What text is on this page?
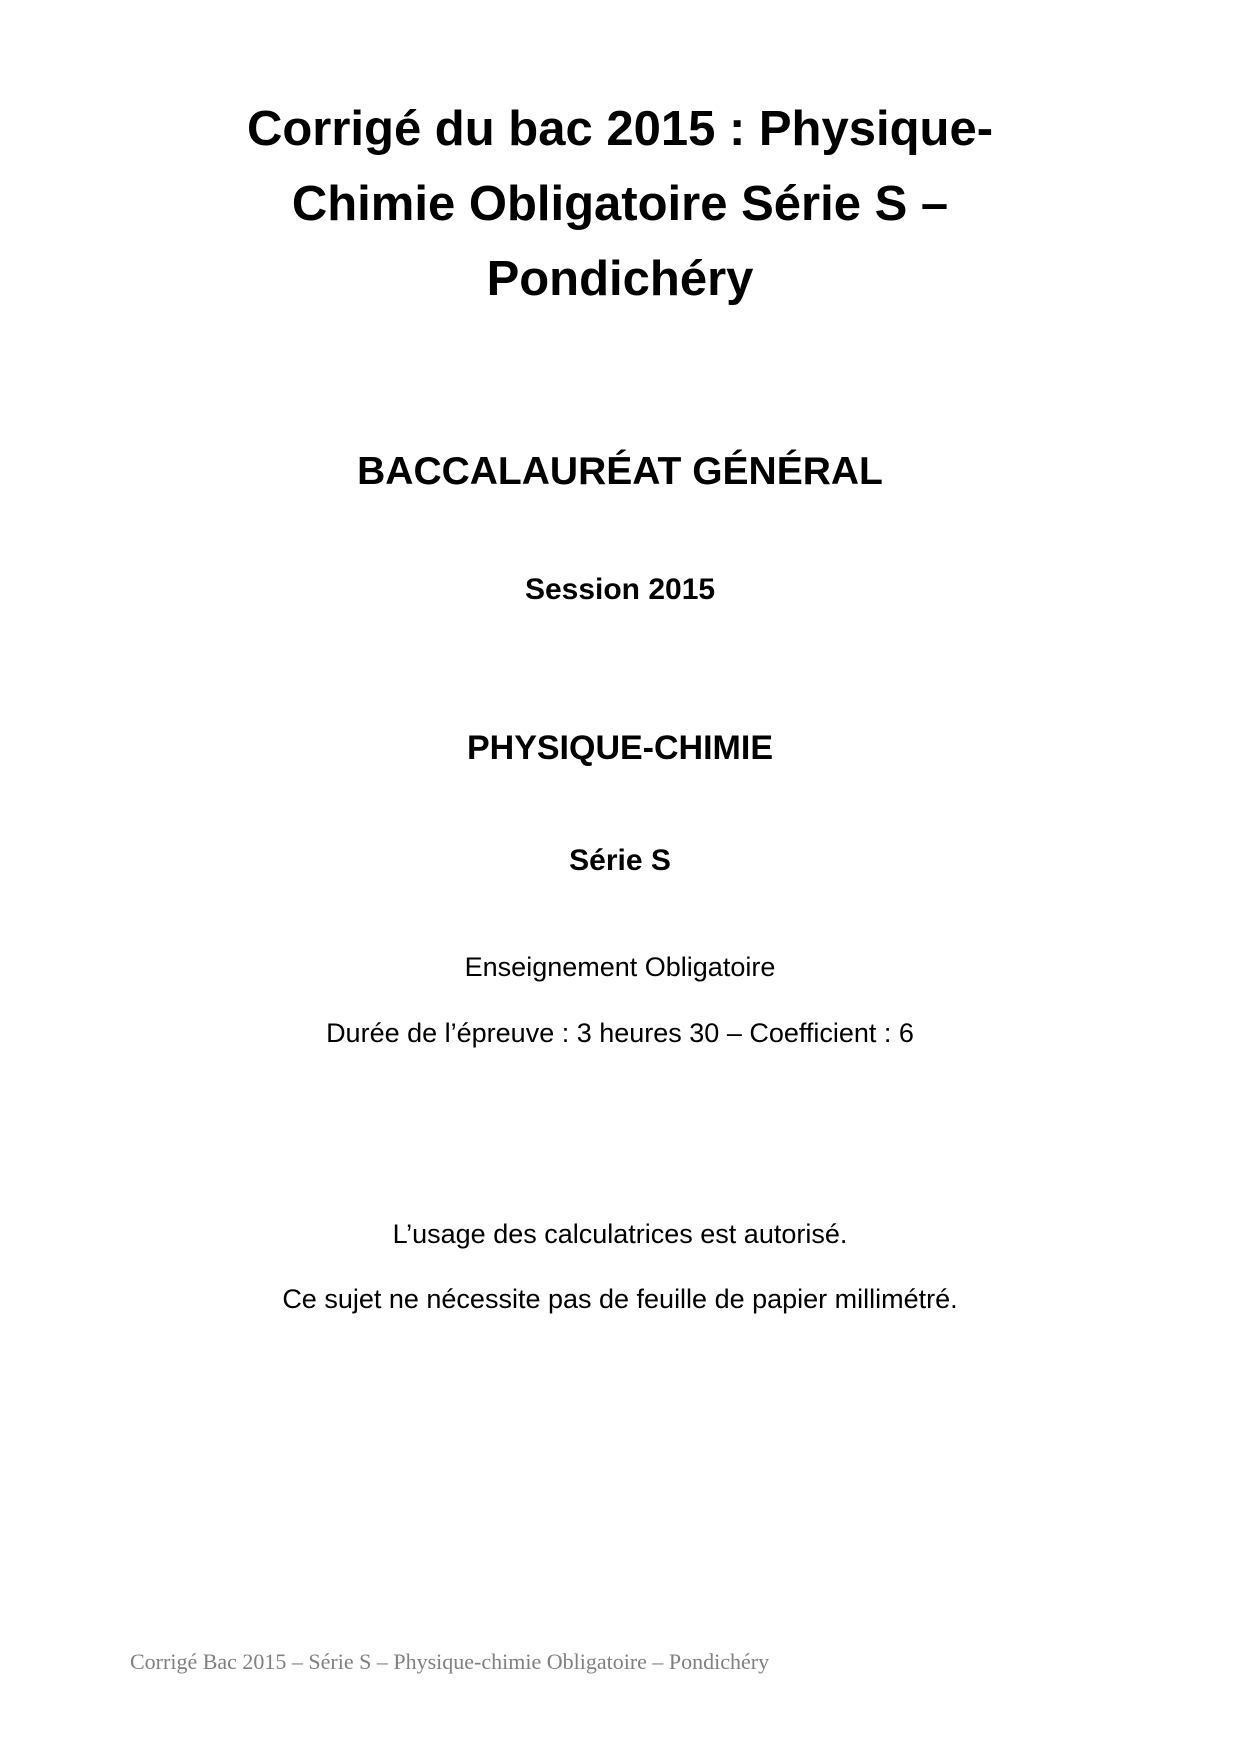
Corrigé du bac 2015 : Physique-
Chimie Obligatoire Série S –
Pondichéry

BACCALAURÉAT GÉNÉRAL

Session 2015

PHYSIQUE-CHIMIE

Série S

Enseignement Obligatoire

Durée de l’épreuve : 3 heures 30 – Coefficient : 6

L’usage des calculatrices est autorisé.

Ce sujet ne nécessite pas de feuille de papier millimétré.

Corrigé Bac 2015 – Série S – Physique-chimie Obligatoire – Pondichéry
